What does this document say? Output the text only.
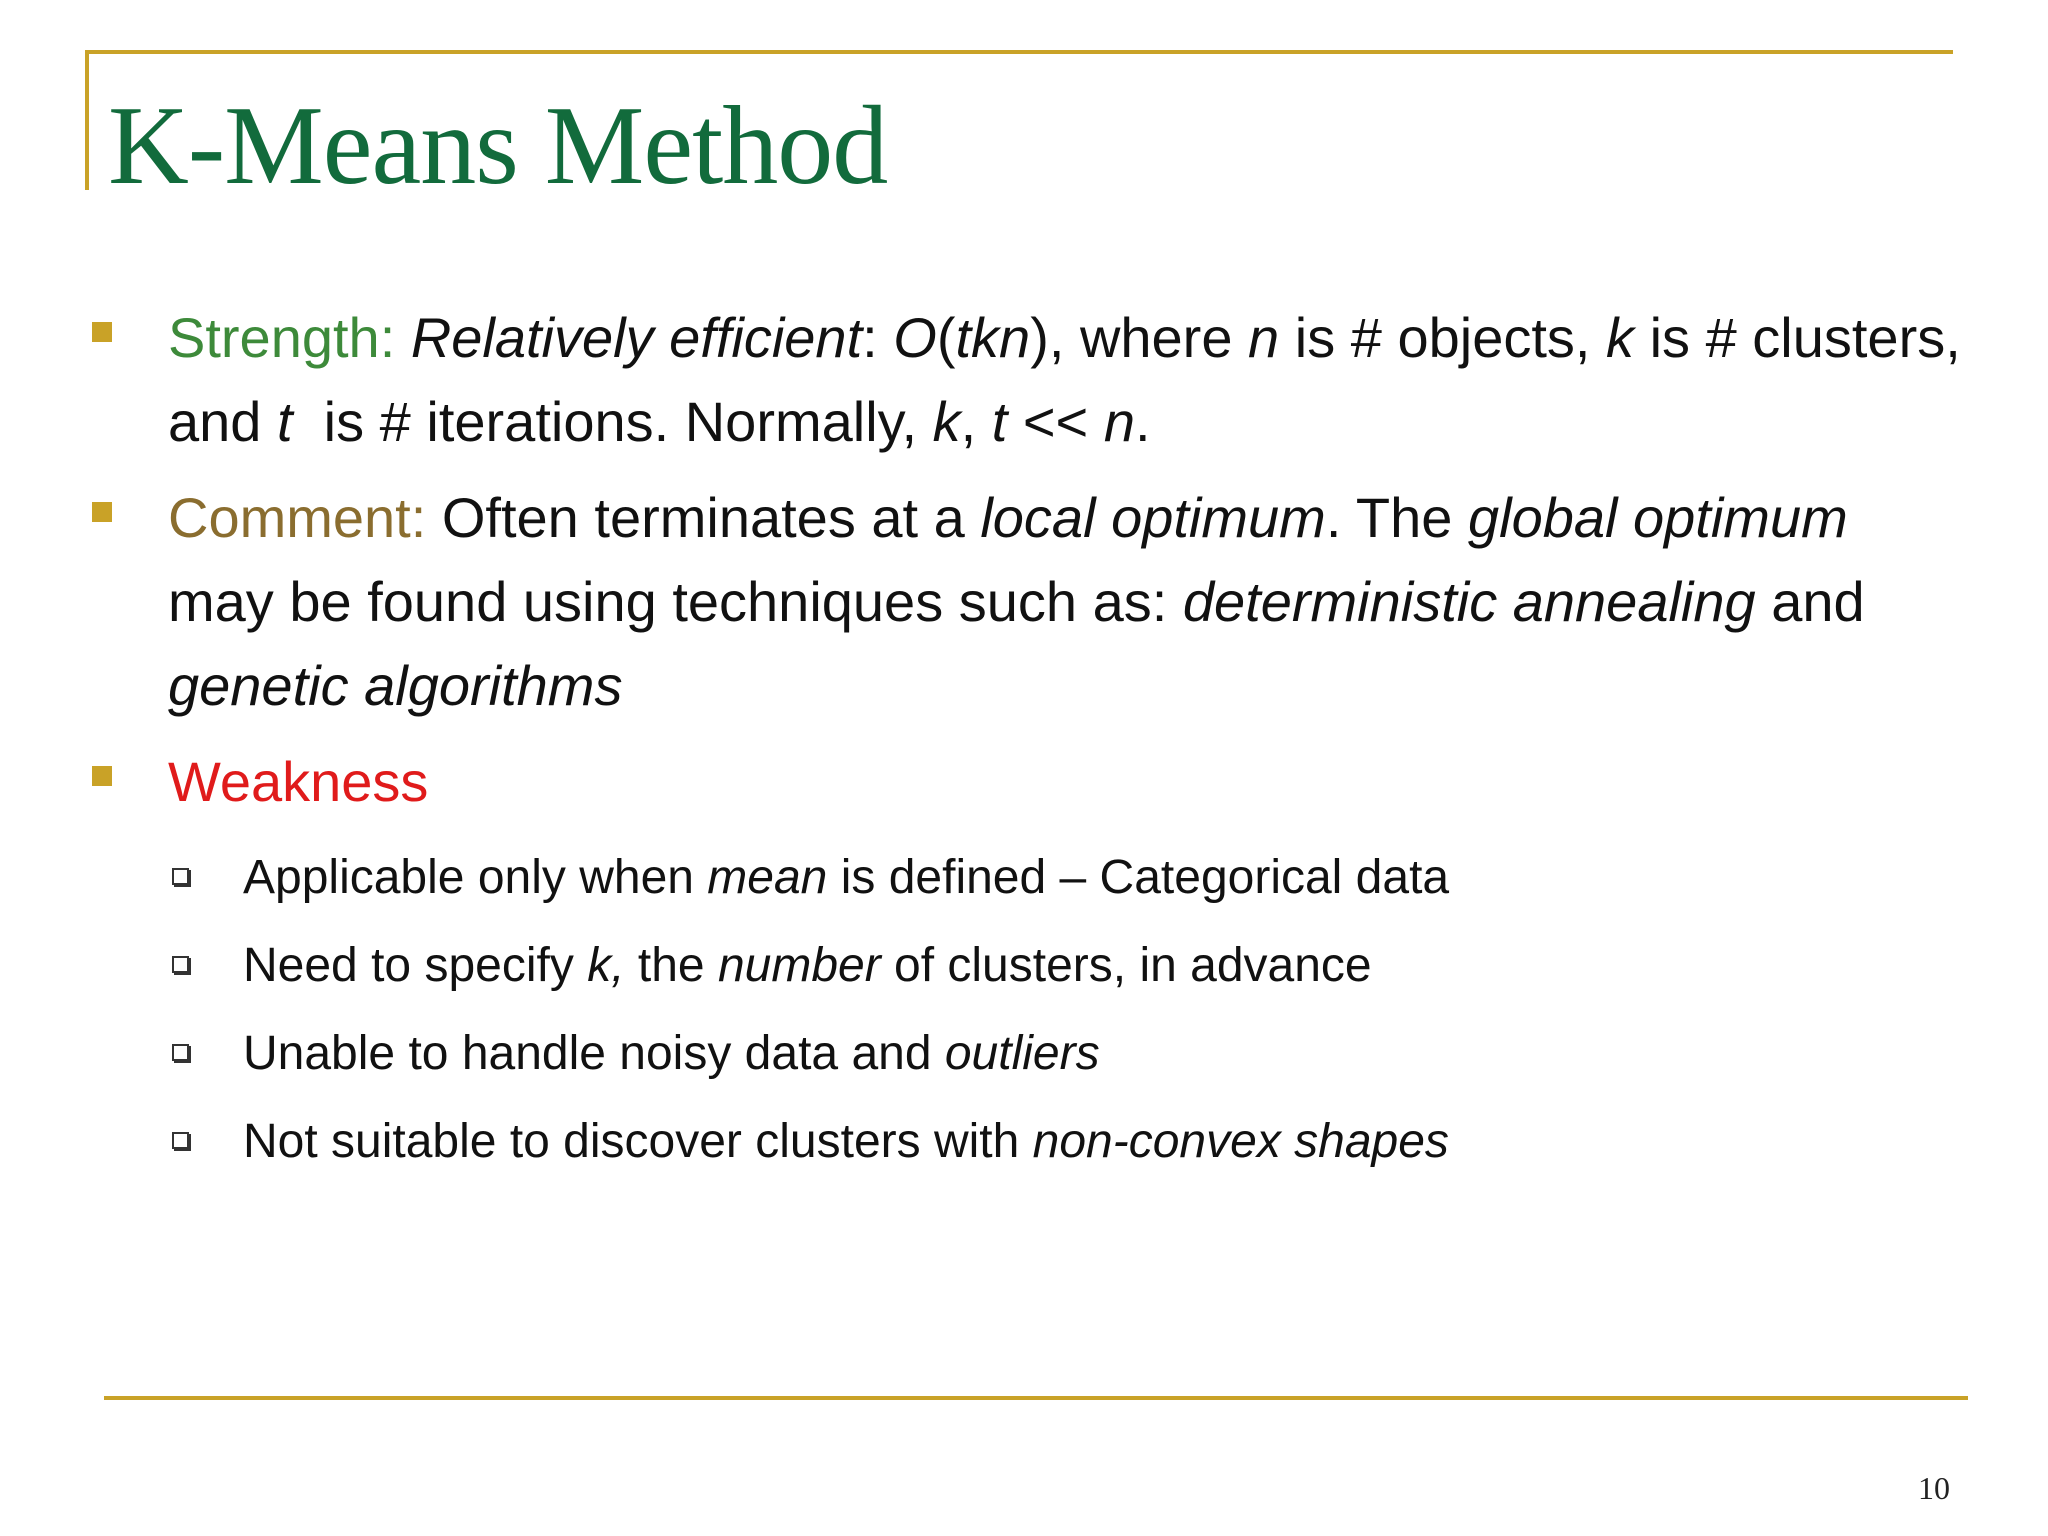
K-Means Method
Strength: Relatively efficient: O(tkn), where n is # objects, k is # clusters, and t  is # iterations. Normally, k, t << n.
Comment: Often terminates at a local optimum. The global optimum may be found using techniques such as: deterministic annealing and genetic algorithms
Weakness
Applicable only when mean is defined – Categorical data
Need to specify k, the number of clusters, in advance
Unable to handle noisy data and outliers
Not suitable to discover clusters with non-convex shapes
10
